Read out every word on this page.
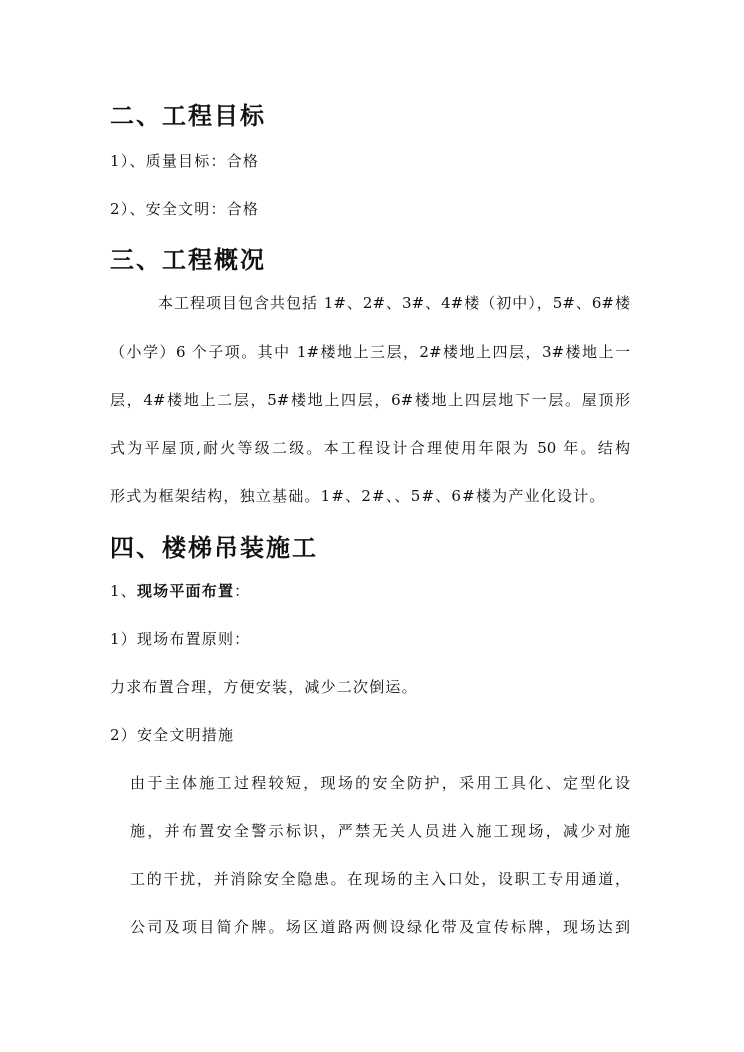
二、工程目标
1）、质量目标：合格
2）、安全文明：合格
三、工程概况
本工程项目包含共包括 1#、2#、3#、4#楼（初中），5#、6#楼
（小学）6 个子项。其中 1#楼地上三层，2#楼地上四层，3#楼地上一
层，4#楼地上二层，5#楼地上四层，6#楼地上四层地下一层。屋顶形
式为平屋顶,耐火等级二级。本工程设计合理使用年限为 50 年。结构
形式为框架结构，独立基础。1#、2#、、5#、6#楼为产业化设计。
四、楼梯吊装施工
1、现场平面布置：
1）现场布置原则：
力求布置合理，方便安装，减少二次倒运。
2）安全文明措施
由于主体施工过程较短，现场的安全防护，采用工具化、定型化设
施，并布置安全警示标识，严禁无关人员进入施工现场，减少对施
工的干扰，并消除安全隐患。在现场的主入口处，设职工专用通道，
公司及项目简介牌。场区道路两侧设绿化带及宣传标牌，现场达到
